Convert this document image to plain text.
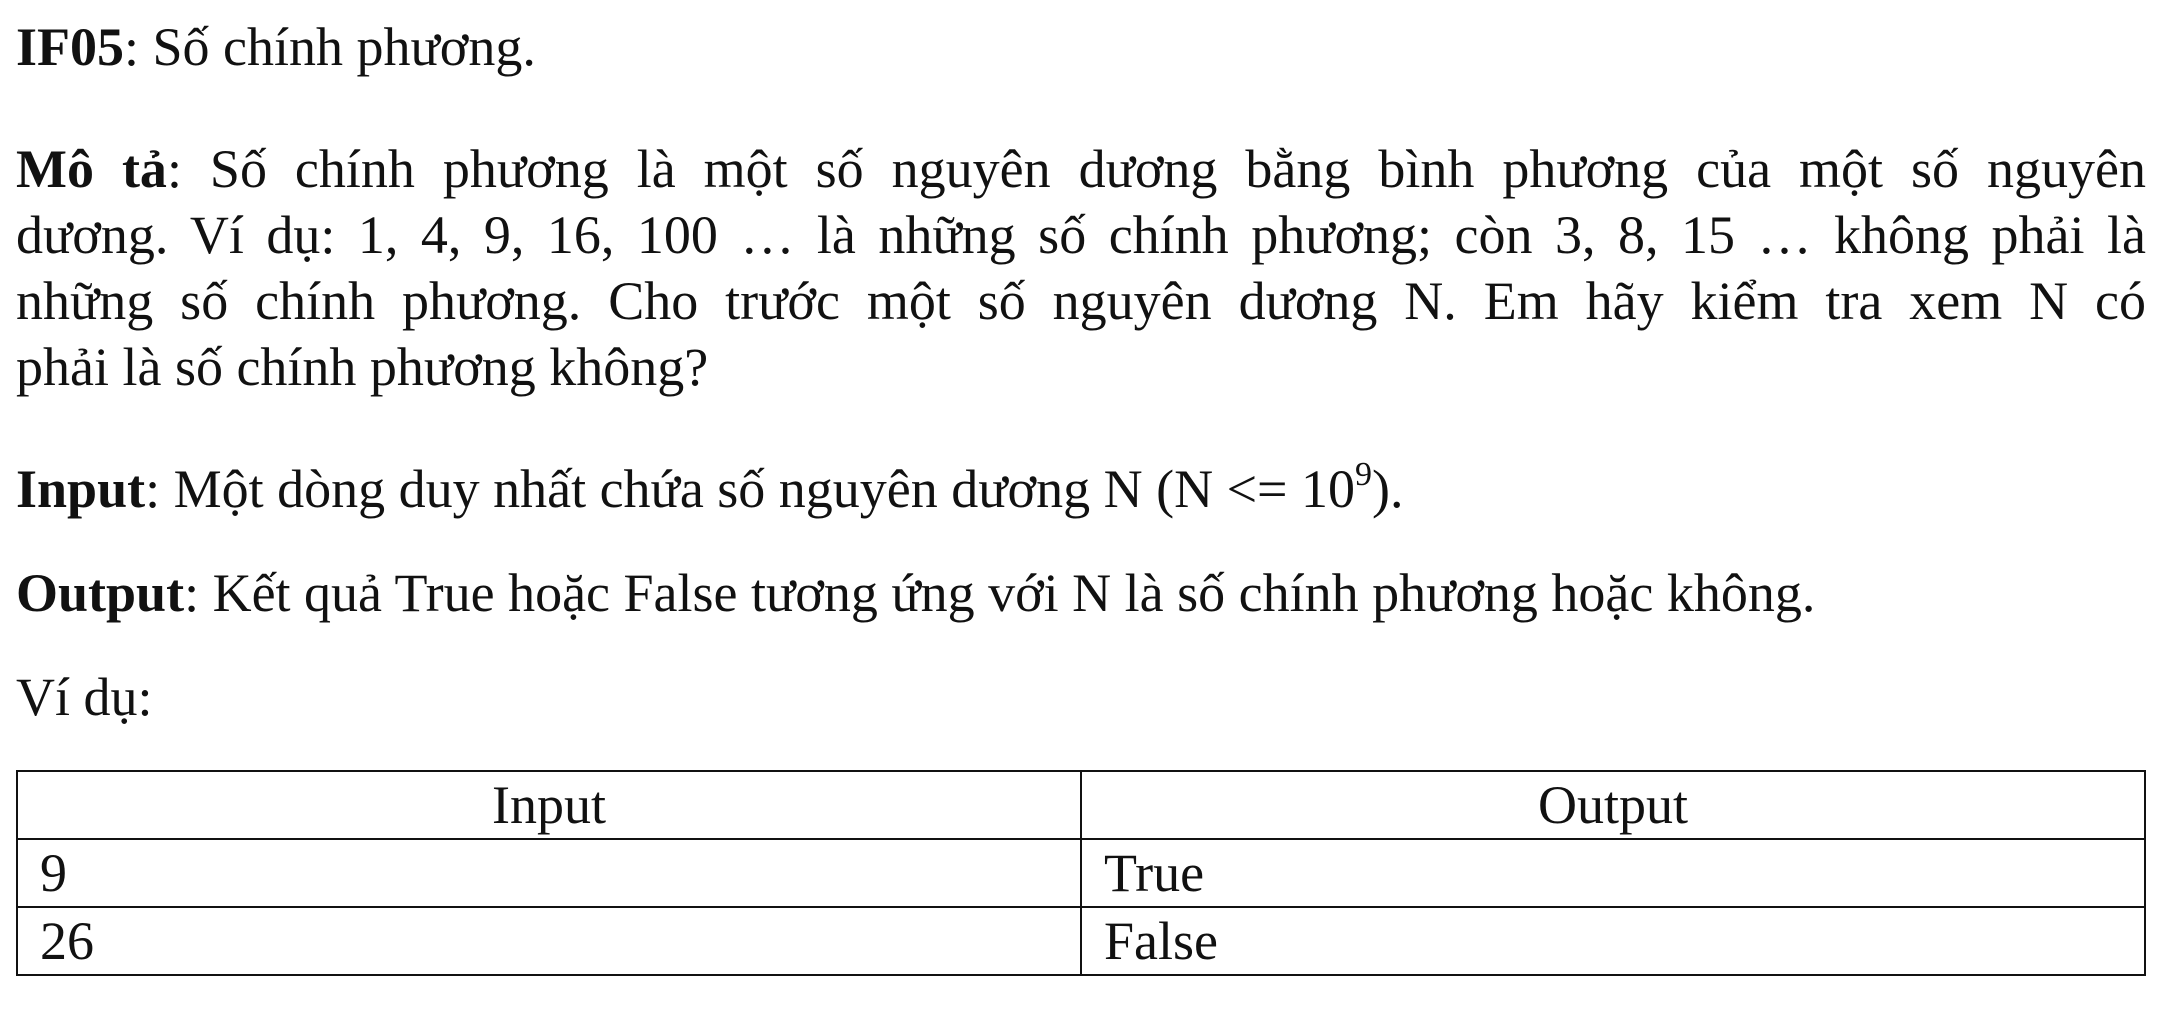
IF05: Số chính phương.
Mô tả: Số chính phương là một số nguyên dương bằng bình phương của một số nguyên
dương. Ví dụ: 1, 4, 9, 16, 100 … là những số chính phương; còn 3, 8, 15 … không phải là
những số chính phương. Cho trước một số nguyên dương N. Em hãy kiểm tra xem N có
phải là số chính phương không?
Input: Một dòng duy nhất chứa số nguyên dương N $(N <= 10^9)$.
Output: Kết quả True hoặc False tương ứng với N là số chính phương hoặc không.
Ví dụ:
Input	Output
9	True
26	False
